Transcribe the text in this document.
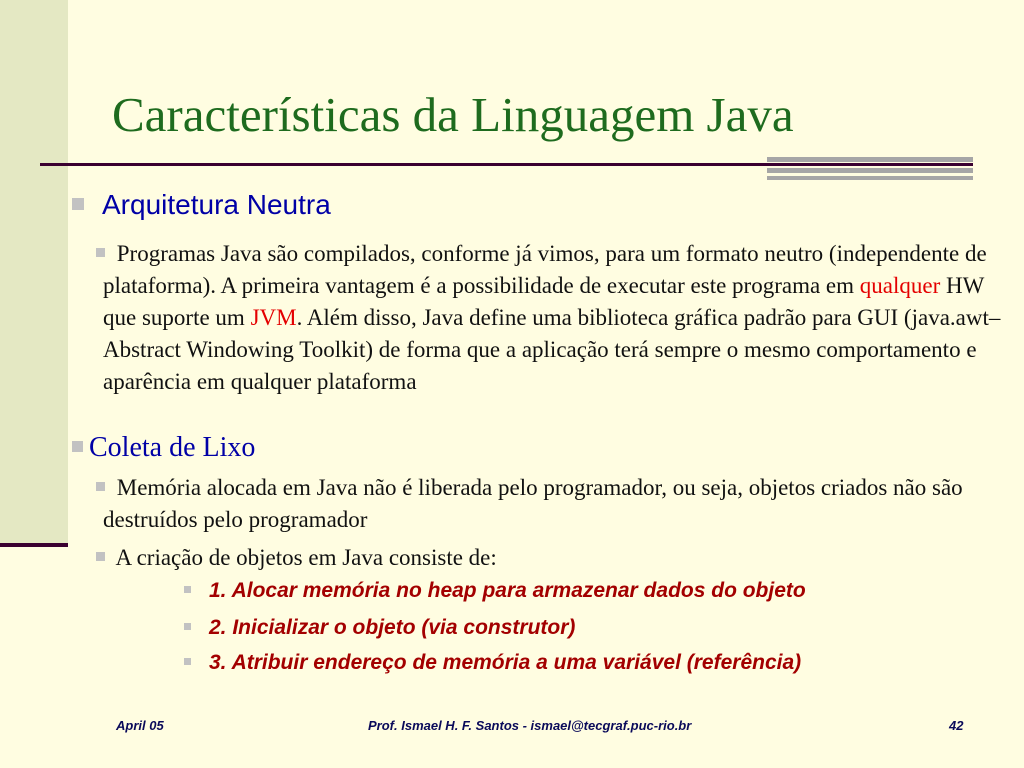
Características da Linguagem Java
Arquitetura Neutra
Programas Java são compilados, conforme já vimos, para um formato neutro (independente de plataforma). A primeira vantagem é a possibilidade de executar este programa em qualquer HW que suporte um JVM. Além disso, Java define uma biblioteca gráfica padrão para GUI (java.awt–Abstract Windowing Toolkit) de forma que a aplicação terá sempre o mesmo comportamento e aparência em qualquer plataforma
Coleta de Lixo
Memória alocada em Java não é liberada pelo programador, ou seja, objetos criados não são destruídos pelo programador
A criação de objetos em Java consiste de:
1. Alocar memória no heap para armazenar dados do objeto
2. Inicializar o objeto (via construtor)
3. Atribuir endereço de memória a uma variável (referência)
April 05	Prof. Ismael H. F. Santos - ismael@tecgraf.puc-rio.br	42
